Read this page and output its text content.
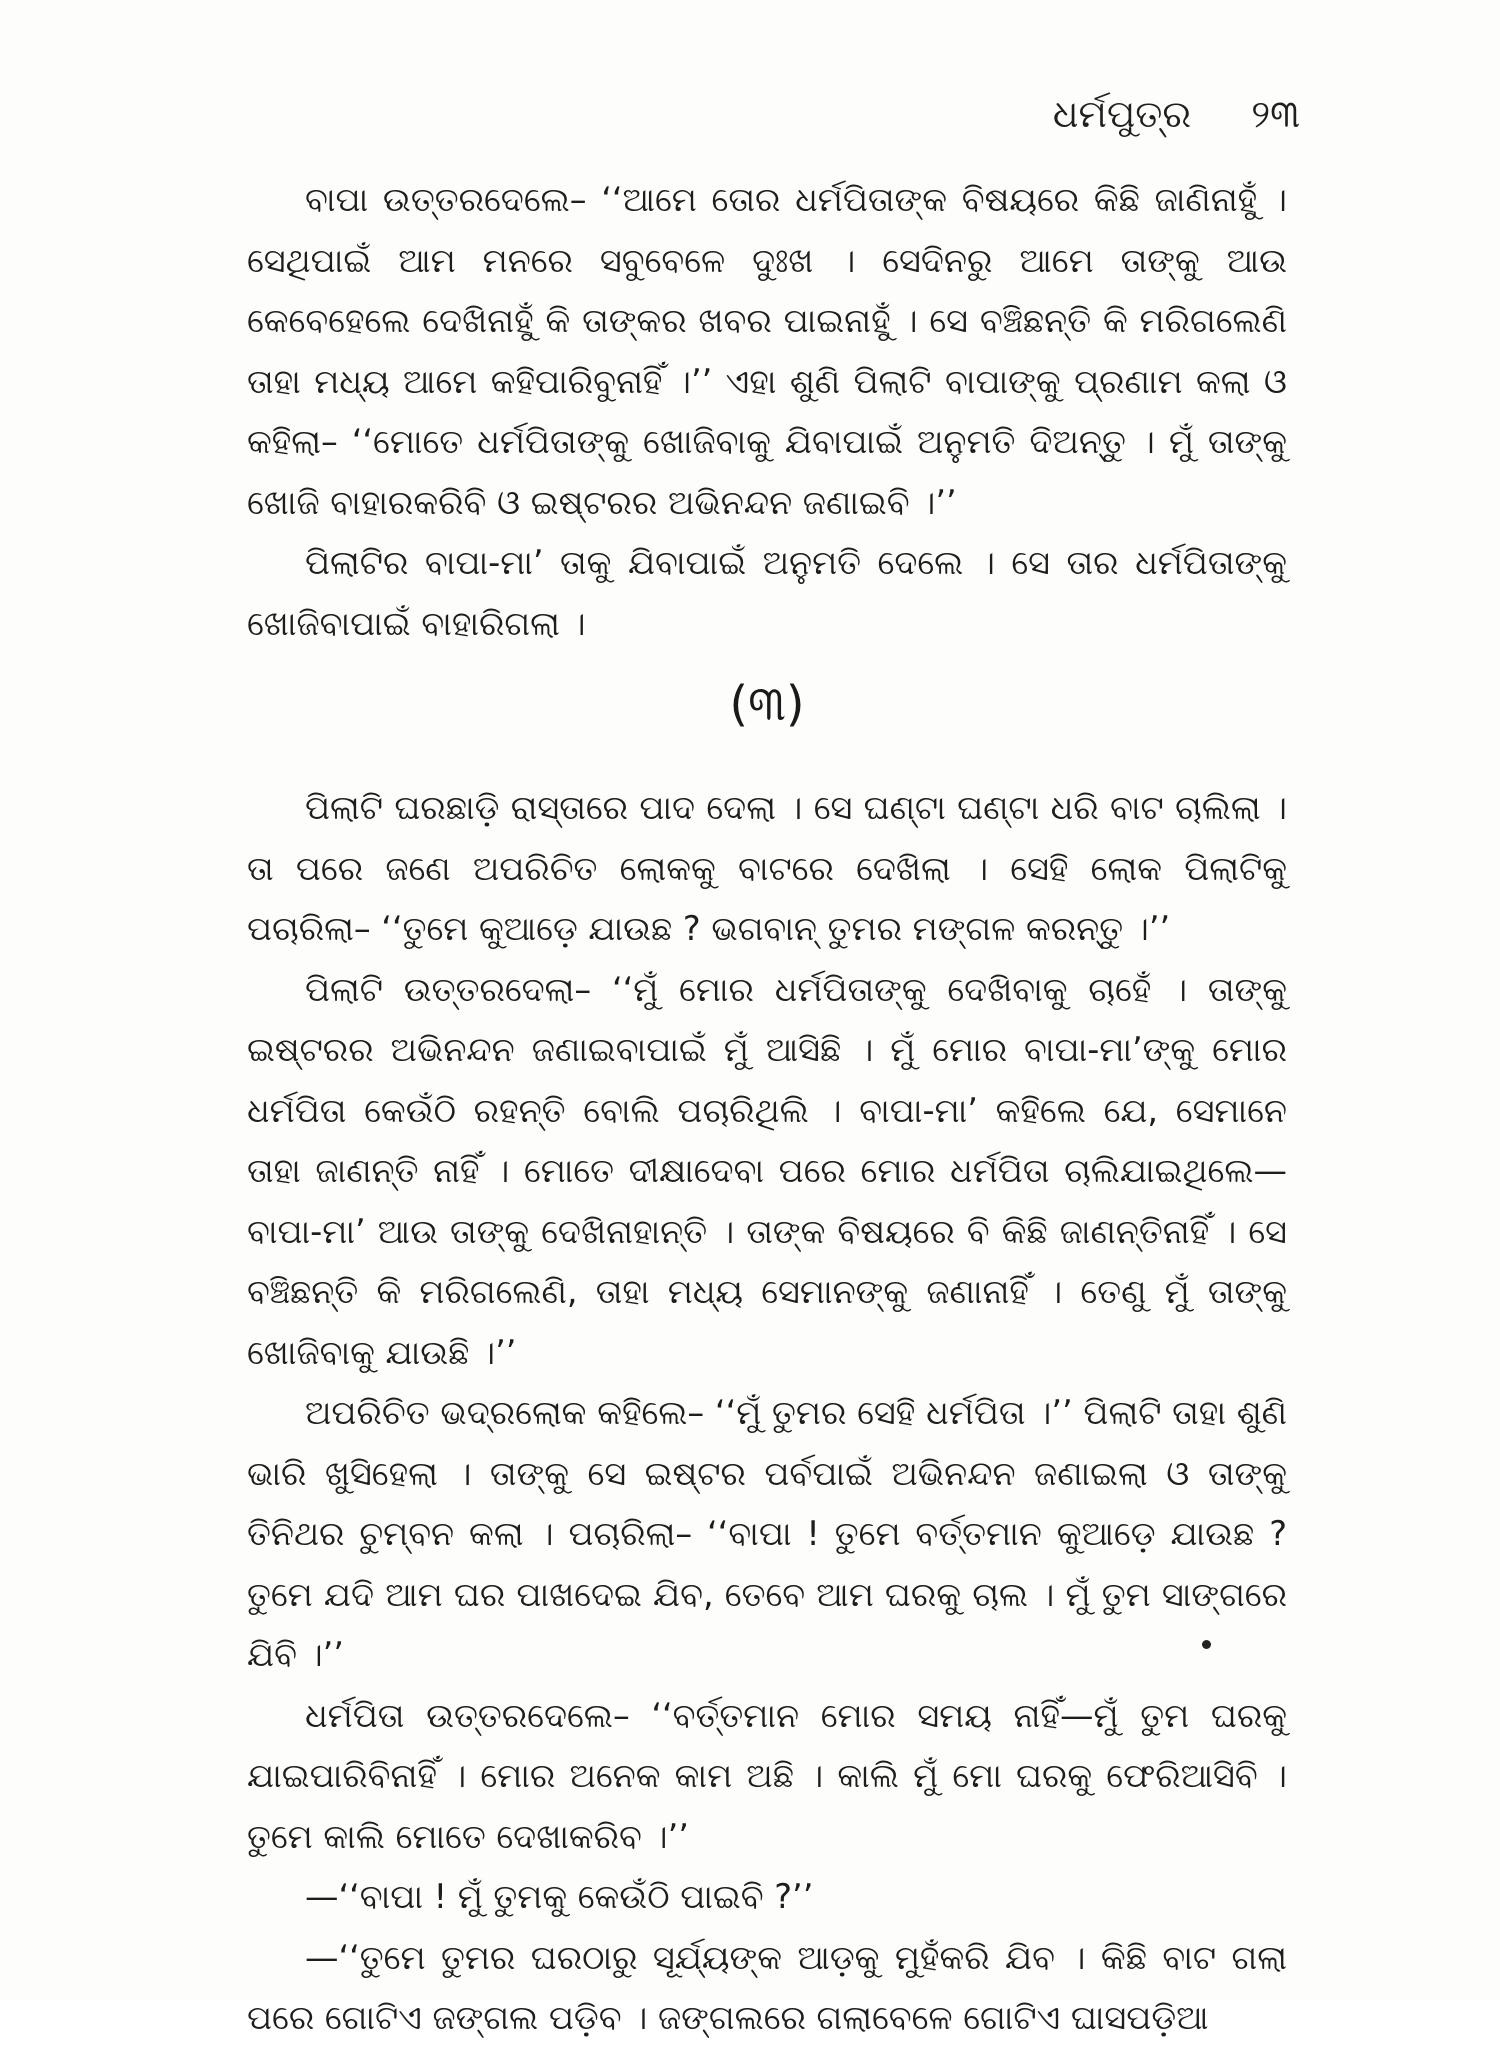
ଧର୍ମପୁତ୍ର ୨୩

ବାପା ଉତ୍ତରଦେଲେ– ‘‘ଆମେ ତୋର ଧର୍ମପିତାଙ୍କ ବିଷୟରେ କିଛି ଜାଣିନାହୁଁ । ସେଥିପାଇଁ ଆମ ମନରେ ସବୁବେଳେ ଦୁଃଖ । ସେଦିନରୁ ଆମେ ତାଙ୍କୁ ଆଉ କେବେହେଲେ ଦେଖିନାହୁଁ କି ତାଙ୍କର ଖବର ପାଇନାହୁଁ । ସେ ବଞ୍ଚିଛନ୍ତି କି ମରିଗଲେଣି ତାହା ମଧ୍ୟ ଆମେ କହିପାରିବୁନାହିଁ ।’’ ଏହା ଶୁଣି ପିଲାଟି ବାପାଙ୍କୁ ପ୍ରଣାମ କଲା ଓ କହିଲା– ‘‘ମୋତେ ଧର୍ମପିତାଙ୍କୁ ଖୋଜିବାକୁ ଯିବାପାଇଁ ଅନୁମତି ଦିଅନ୍ତୁ । ମୁଁ ତାଙ୍କୁ ଖୋଜି ବାହାରକରିବି ଓ ଇଷ୍ଟରର ଅଭିନନ୍ଦନ ଜଣାଇବି ।’’

ପିଲାଟିର ବାପା-ମା’ ତାକୁ ଯିବାପାଇଁ ଅନୁମତି ଦେଲେ । ସେ ତାର ଧର୍ମପିତାଙ୍କୁ ଖୋଜିବାପାଇଁ ବାହାରିଗଲା ।

(୩)

ପିଲାଟି ଘରଛାଡ଼ି ରାସ୍ତାରେ ପାଦ ଦେଲା । ସେ ଘଣ୍ଟା ଘଣ୍ଟା ଧରି ବାଟ ଚାଲିଲା । ତା ପରେ ଜଣେ ଅପରିଚିତ ଲୋକକୁ ବାଟରେ ଦେଖିଲା । ସେହି ଲୋକ ପିଲାଟିକୁ ପଚାରିଲା– ‘‘ତୁମେ କୁଆଡ଼େ ଯାଉଛ ? ଭଗବାନ୍ ତୁମର ମଙ୍ଗଳ କରନ୍ତୁ ।’’

ପିଲାଟି ଉତ୍ତରଦେଲା– ‘‘ମୁଁ ମୋର ଧର୍ମପିତାଙ୍କୁ ଦେଖିବାକୁ ଚାହେଁ । ତାଙ୍କୁ ଇଷ୍ଟରର ଅଭିନନ୍ଦନ ଜଣାଇବାପାଇଁ ମୁଁ ଆସିଛି । ମୁଁ ମୋର ବାପା-ମା’ଙ୍କୁ ମୋର ଧର୍ମପିତା କେଉଁଠି ରହନ୍ତି ବୋଲି ପଚାରିଥିଲି । ବାପା-ମା’ କହିଲେ ଯେ, ସେମାନେ ତାହା ଜାଣନ୍ତି ନାହିଁ । ମୋତେ ଦୀକ୍ଷାଦେବା ପରେ ମୋର ଧର୍ମପିତା ଚାଲିଯାଇଥିଲେ—ବାପା-ମା’ ଆଉ ତାଙ୍କୁ ଦେଖିନାହାନ୍ତି । ତାଙ୍କ ବିଷୟରେ ବି କିଛି ଜାଣନ୍ତିନାହିଁ । ସେ ବଞ୍ଚିଛନ୍ତି କି ମରିଗଲେଣି, ତାହା ମଧ୍ୟ ସେମାନଙ୍କୁ ଜଣାନାହିଁ । ତେଣୁ ମୁଁ ତାଙ୍କୁ ଖୋଜିବାକୁ ଯାଉଛି ।’’

ଅପରିଚିତ ଭଦ୍ରଲୋକ କହିଲେ– ‘‘ମୁଁ ତୁମର ସେହି ଧର୍ମପିତା ।’’ ପିଲାଟି ତାହା ଶୁଣି ଭାରି ଖୁସିହେଲା । ତାଙ୍କୁ ସେ ଇଷ୍ଟର ପର୍ବପାଇଁ ଅଭିନନ୍ଦନ ଜଣାଇଲା ଓ ତାଙ୍କୁ ତିନିଥର ଚୁମ୍ବନ କଲା । ପଚାରିଲା– ‘‘ବାପା ! ତୁମେ ବର୍ତ୍ତମାନ କୁଆଡ଼େ ଯାଉଛ ? ତୁମେ ଯଦି ଆମ ଘର ପାଖଦେଇ ଯିବ, ତେବେ ଆମ ଘରକୁ ଚାଲ । ମୁଁ ତୁମ ସାଙ୍ଗରେ ଯିବି ।’’

ଧର୍ମପିତା ଉତ୍ତରଦେଲେ– ‘‘ବର୍ତ୍ତମାନ ମୋର ସମୟ ନାହିଁ—ମୁଁ ତୁମ ଘରକୁ ଯାଇପାରିବିନାହିଁ । ମୋର ଅନେକ କାମ ଅଛି । କାଲି ମୁଁ ମୋ ଘରକୁ ଫେରିଆସିବି । ତୁମେ କାଲି ମୋତେ ଦେଖାକରିବ ।’’

—‘‘ବାପା ! ମୁଁ ତୁମକୁ କେଉଁଠି ପାଇବି ?’’

—‘‘ତୁମେ ତୁମର ଘରଠାରୁ ସୂର୍ଯ୍ୟଙ୍କ ଆଡ଼କୁ ମୁହଁକରି ଯିବ । କିଛି ବାଟ ଗଲା ପରେ ଗୋଟିଏ ଜଙ୍ଗଲ ପଡ଼ିବ । ଜଙ୍ଗଲରେ ଗଲାବେଳେ ଗୋଟିଏ ଘାସପଡ଼ିଆ
